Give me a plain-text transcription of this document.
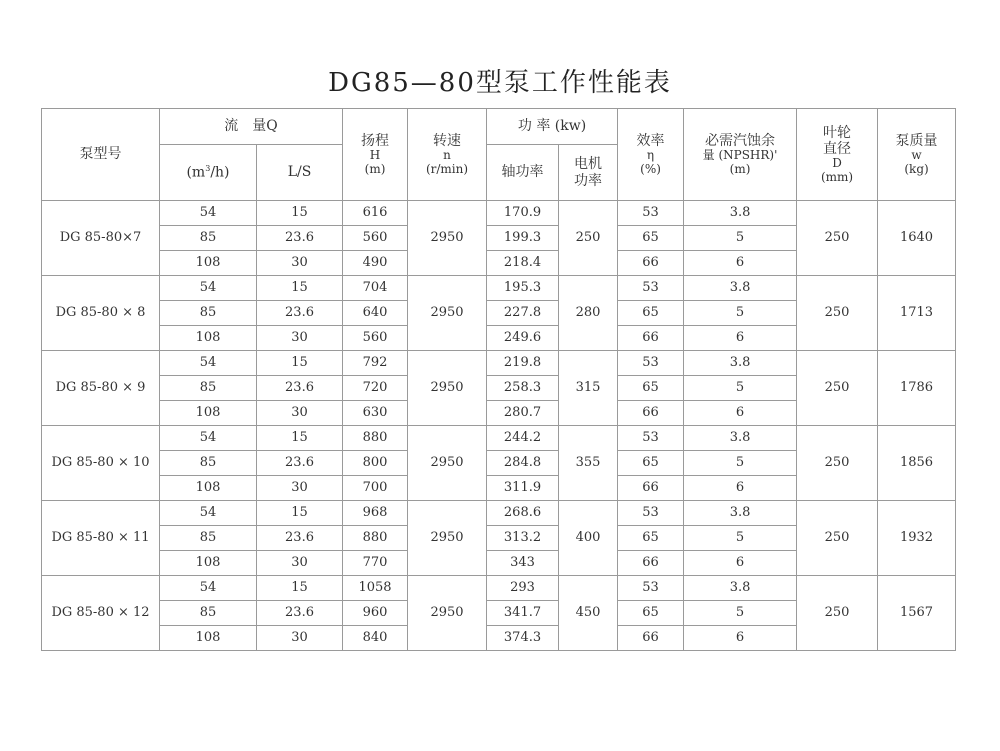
DG85—80型泵工作性能表
泵型号	流　量Q		扬程
H
(m)	转速
n
(r/min)	功 率 (kw)		效率
η
(%)	必需汽蚀余
量 (NPSHR)'
(m)	叶轮
直径
D
(mm)	泵质量
w
(kg)

	$(m^3/h)$	L/S			轴功率	电机
功率				

DG 85-80×7	54	15	616	2950	170.9	250	53	3.8	250	1640
	85	23.6	560		199.3		65	5		
	108	30	490		218.4		66	6		
DG 85-80 × 8	54	15	704	2950	195.3	280	53	3.8	250	1713
	85	23.6	640		227.8		65	5		
	108	30	560		249.6		66	6		
DG 85-80 × 9	54	15	792	2950	219.8	315	53	3.8	250	1786
	85	23.6	720		258.3		65	5		
	108	30	630		280.7		66	6		
DG 85-80 × 10	54	15	880	2950	244.2	355	53	3.8	250	1856
	85	23.6	800		284.8		65	5		
	108	30	700		311.9		66	6		
DG 85-80 × 11	54	15	968	2950	268.6	400	53	3.8	250	1932
	85	23.6	880		313.2		65	5		
	108	30	770		343		66	6		
DG 85-80 × 12	54	15	1058	2950	293	450	53	3.8	250	1567
	85	23.6	960		341.7		65	5		
	108	30	840		374.3		66	6		
